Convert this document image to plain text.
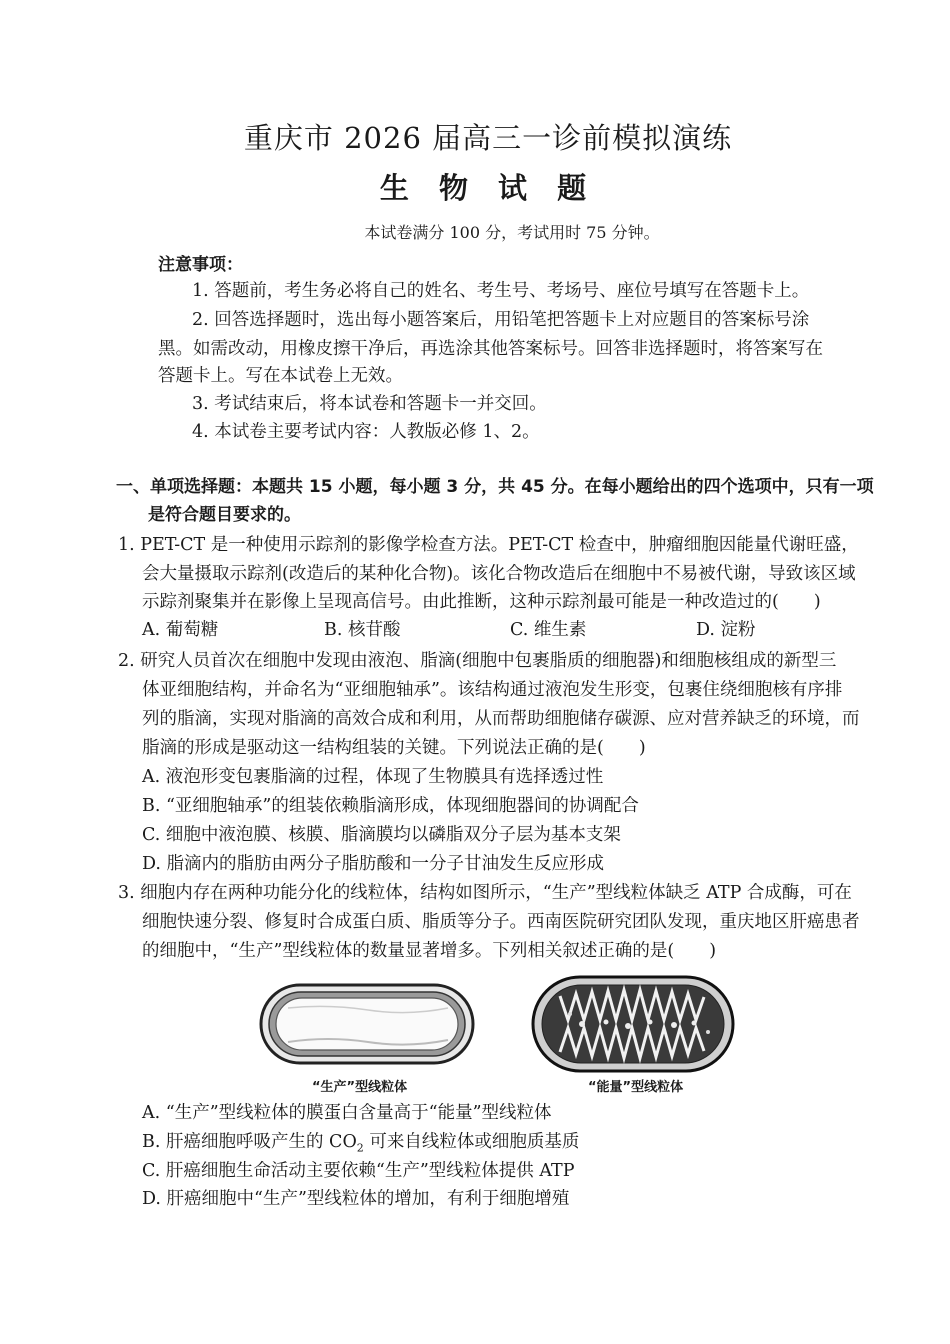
重庆市 2026 届高三一诊前模拟演练
生 物 试 题
本试卷满分 100 分，考试用时 75 分钟。
注意事项：
1. 答题前，考生务必将自己的姓名、考生号、考场号、座位号填写在答题卡上。
2. 回答选择题时，选出每小题答案后，用铅笔把答题卡上对应题目的答案标号涂
黑。如需改动，用橡皮擦干净后，再选涂其他答案标号。回答非选择题时，将答案写在
答题卡上。写在本试卷上无效。
3. 考试结束后，将本试卷和答题卡一并交回。
4. 本试卷主要考试内容：人教版必修 1、2。
一、单项选择题：本题共 15 小题，每小题 3 分，共 45 分。在每小题给出的四个选项中，只有一项
是符合题目要求的。
1. PET-CT 是一种使用示踪剂的影像学检查方法。PET-CT 检查中，肿瘤细胞因能量代谢旺盛，
会大量摄取示踪剂(改造后的某种化合物)。该化合物改造后在细胞中不易被代谢，导致该区域
示踪剂聚集并在影像上呈现高信号。由此推断，这种示踪剂最可能是一种改造过的(　　)
A. 葡萄糖	B. 核苷酸	C. 维生素	D. 淀粉
2. 研究人员首次在细胞中发现由液泡、脂滴(细胞中包裹脂质的细胞器)和细胞核组成的新型三
体亚细胞结构，并命名为“亚细胞轴承”。该结构通过液泡发生形变，包裹住绕细胞核有序排
列的脂滴，实现对脂滴的高效合成和利用，从而帮助细胞储存碳源、应对营养缺乏的环境，而
脂滴的形成是驱动这一结构组装的关键。下列说法正确的是(　　)
A. 液泡形变包裹脂滴的过程，体现了生物膜具有选择透过性
B. “亚细胞轴承”的组装依赖脂滴形成，体现细胞器间的协调配合
C. 细胞中液泡膜、核膜、脂滴膜均以磷脂双分子层为基本支架
D. 脂滴内的脂肪由两分子脂肪酸和一分子甘油发生反应形成
3. 细胞内存在两种功能分化的线粒体，结构如图所示，“生产”型线粒体缺乏 ATP 合成酶，可在
细胞快速分裂、修复时合成蛋白质、脂质等分子。西南医院研究团队发现，重庆地区肝癌患者
的细胞中，“生产”型线粒体的数量显著增多。下列相关叙述正确的是(　　)
“生产”型线粒体	“能量”型线粒体
A. “生产”型线粒体的膜蛋白含量高于“能量”型线粒体
B. 肝癌细胞呼吸产生的 $CO_2$ 可来自线粒体或细胞质基质
C. 肝癌细胞生命活动主要依赖“生产”型线粒体提供 ATP
D. 肝癌细胞中“生产”型线粒体的增加，有利于细胞增殖
